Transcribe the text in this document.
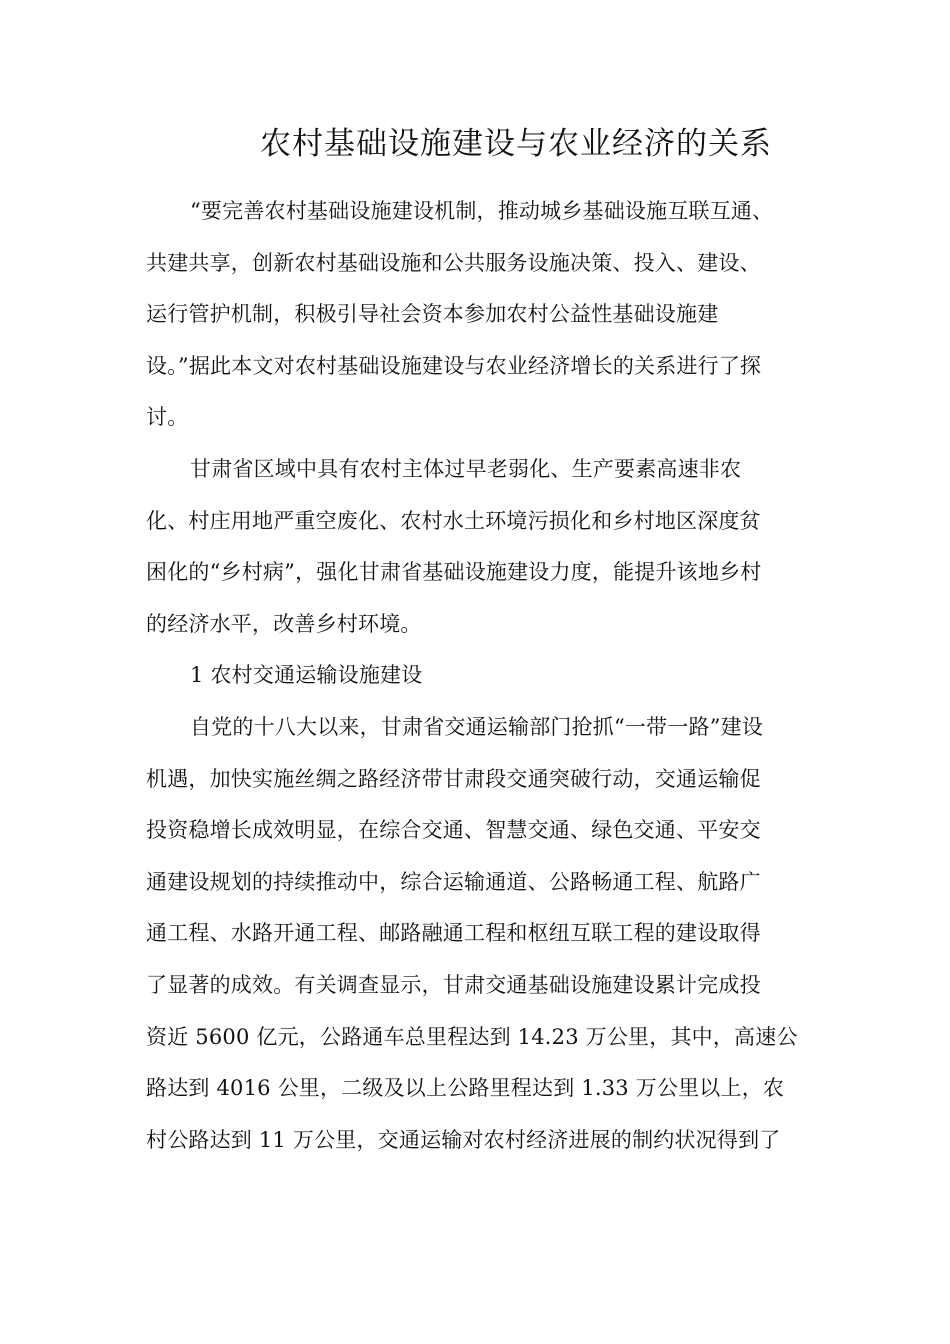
农村基础设施建设与农业经济的关系
“要完善农村基础设施建设机制，推动城乡基础设施互联互通、
共建共享，创新农村基础设施和公共服务设施决策、投入、建设、
运行管护机制，积极引导社会资本参加农村公益性基础设施建
设。”据此本文对农村基础设施建设与农业经济增长的关系进行了探
讨。
甘肃省区域中具有农村主体过早老弱化、生产要素高速非农
化、村庄用地严重空废化、农村水土环境污损化和乡村地区深度贫
困化的“乡村病”，强化甘肃省基础设施建设力度，能提升该地乡村
的经济水平，改善乡村环境。
1 农村交通运输设施建设
自党的十八大以来，甘肃省交通运输部门抢抓“一带一路”建设
机遇，加快实施丝绸之路经济带甘肃段交通突破行动，交通运输促
投资稳增长成效明显，在综合交通、智慧交通、绿色交通、平安交
通建设规划的持续推动中，综合运输通道、公路畅通工程、航路广
通工程、水路开通工程、邮路融通工程和枢纽互联工程的建设取得
了显著的成效。有关调查显示，甘肃交通基础设施建设累计完成投
资近 5600 亿元，公路通车总里程达到 14.23 万公里，其中，高速公
路达到 4016 公里，二级及以上公路里程达到 1.33 万公里以上，农
村公路达到 11 万公里，交通运输对农村经济进展的制约状况得到了
